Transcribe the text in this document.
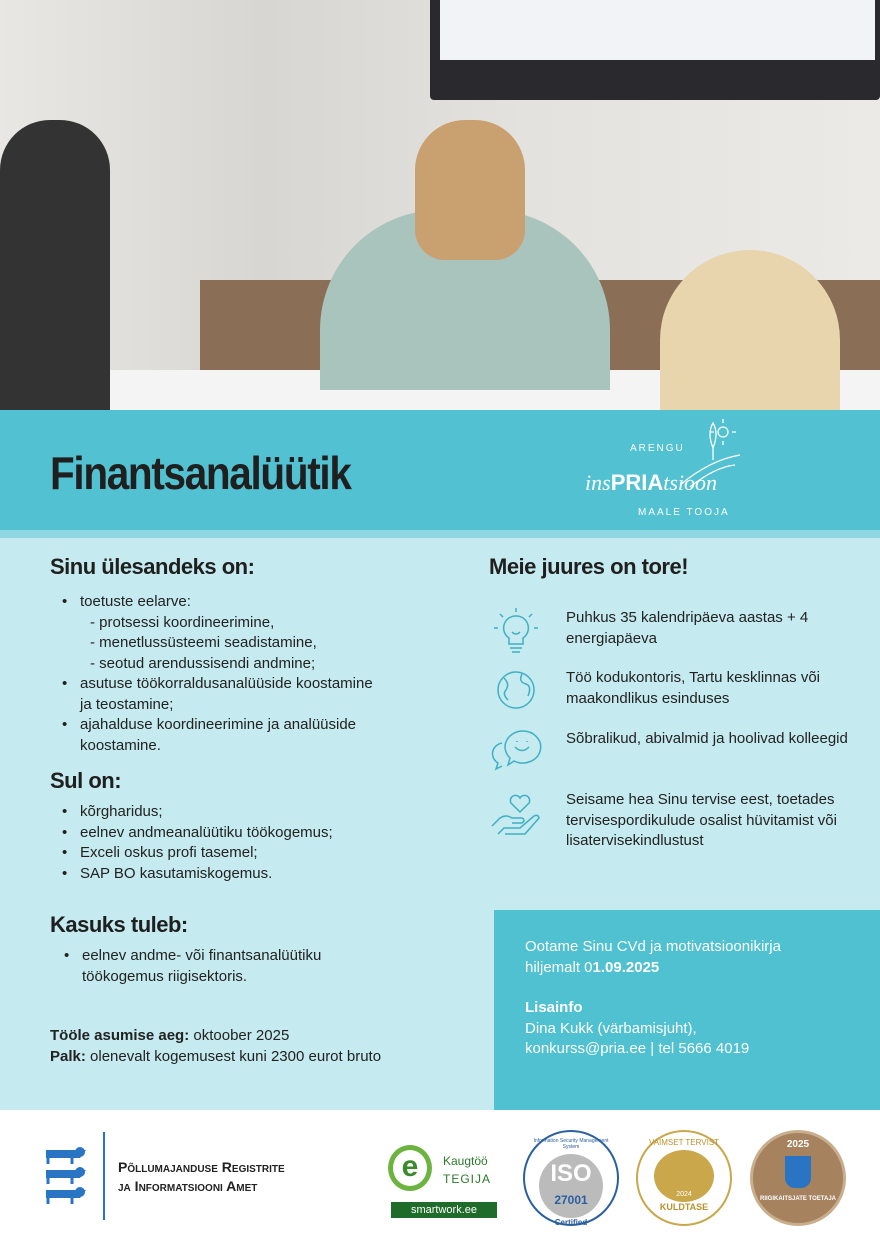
Finantsanalüütik	ARENGU
insPRIAtsioon
MAALE TOOJA
Sinu ülesandeks on:
• toetuste eelarve:
- protsessi koordineerimine,
- menetlussüsteemi seadistamine,
- seotud arendussisendi andmine;
• asutuse töökorraldusanalüüside koostamine
ja teostamine;
• ajahalduse koordineerimine ja analüüside
koostamine.
Sul on:
• kõrgharidus;
• eelnev andmeanalüütiku töökogemus;
• Exceli oskus profi tasemel;
• SAP BO kasutamiskogemus.
Kasuks tuleb:
• eelnev andme- või finantsanalüütiku
töökogemus riigisektoris.
Tööle asumise aeg: oktoober 2025
Palk: olenevalt kogemusest kuni 2300 eurot bruto
Meie juures on tore!
Puhkus 35 kalendripäeva aastas + 4 energiapäeva
Töö kodukontoris, Tartu kesklinnas või maakondlikus esinduses
Sõbralikud, abivalmid ja hoolivad kolleegid
Seisame hea Sinu tervise eest, toetades tervisespordikulude osalist hüvitamist või lisatervisekindlustust
Ootame Sinu CVd ja motivatsioonikirja
hiljemalt 01.09.2025
Lisainfo
Dina Kukk (värbamisjuht),
konkurss@pria.ee | tel 5666 4019
Põllumajanduse Registrite
ja Informatsiooni Amet
e	Kaugtöö
TEGIJA
smartwork.ee
Information Security Management System
ISO
27001
Certified
VAIMSET TERVIST
2024
KULDTASE
2025
RIIGIKAITSJATE TOETAJA
